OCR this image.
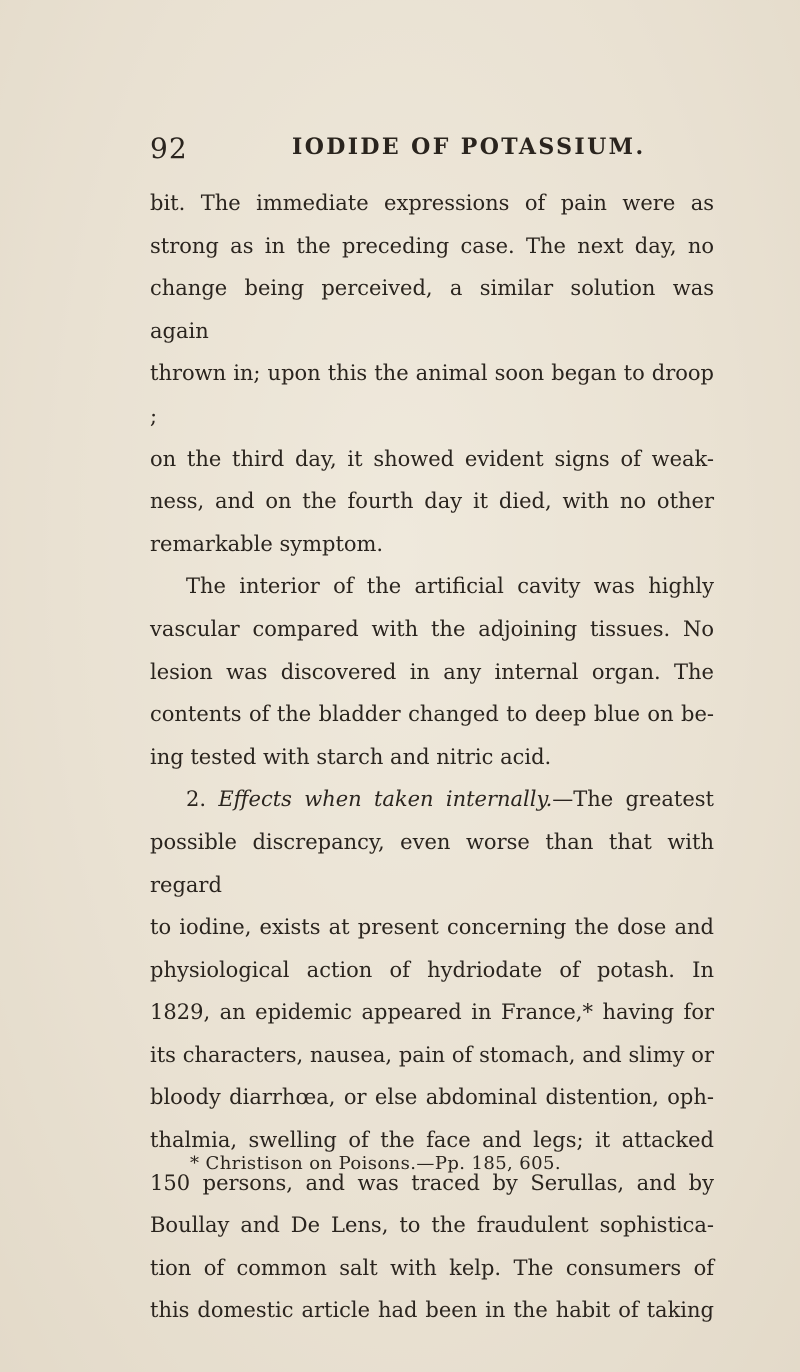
92	IODIDE OF POTASSIUM.

bit. The immediate expressions of pain were as

strong as in the preceding case. The next day, no

change being perceived, a similar solution was again

thrown in; upon this the animal soon began to droop ;

on the third day, it showed evident signs of weak-

ness, and on the fourth day it died, with no other

remarkable symptom.

The interior of the artificial cavity was highly

vascular compared with the adjoining tissues. No

lesion was discovered in any internal organ. The

contents of the bladder changed to deep blue on be-

ing tested with starch and nitric acid.

2. Effects when taken internally.—The greatest

possible discrepancy, even worse than that with regard

to iodine, exists at present concerning the dose and

physiological action of hydriodate of potash. In

1829, an epidemic appeared in France,* having for

its characters, nausea, pain of stomach, and slimy or

bloody diarrhœa, or else abdominal distention, oph-

thalmia, swelling of the face and legs; it attacked

150 persons, and was traced by Serullas, and by

Boullay and De Lens, to the fraudulent sophistica-

tion of common salt with kelp. The consumers of

this domestic article had been in the habit of taking

* Christison on Poisons.—Pp. 185, 605.
